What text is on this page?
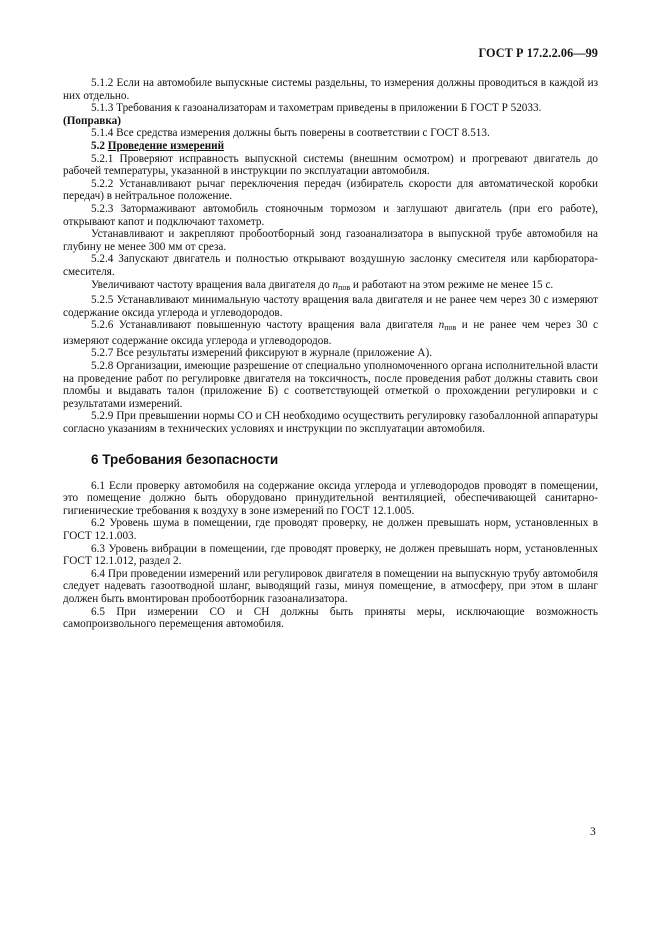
ГОСТ Р 17.2.2.06—99

5.1.2 Если на автомобиле выпускные системы раздельны, то измерения должны проводиться в каждой из них отдельно.

5.1.3 Требования к газоанализаторам и тахометрам приведены в приложении Б ГОСТ Р 52033.

(Поправка)

5.1.4 Все средства измерения должны быть поверены в соответствии с ГОСТ 8.513.

5.2 Проведение измерений

5.2.1 Проверяют исправность выпускной системы (внешним осмотром) и прогревают двигатель до рабочей температуры, указанной в инструкции по эксплуатации автомобиля.

5.2.2 Устанавливают рычаг переключения передач (избиратель скорости для автоматической коробки передач) в нейтральное положение.

5.2.3 Затормаживают автомобиль стояночным тормозом и заглушают двигатель (при его работе), открывают капот и подключают тахометр.

Устанавливают и закрепляют пробоотборный зонд газоанализатора в выпускной трубе автомобиля на глубину не менее 300 мм от среза.

5.2.4 Запускают двигатель и полностью открывают воздушную заслонку смесителя или карбюратора-смесителя.

Увеличивают частоту вращения вала двигателя до $n_{пов}$ и работают на этом режиме не менее 15 с.

5.2.5 Устанавливают минимальную частоту вращения вала двигателя и не ранее чем через 30 с измеряют содержание оксида углерода и углеводородов.

5.2.6 Устанавливают повышенную частоту вращения вала двигателя $n_{пов}$ и не ранее чем через 30 с измеряют содержание оксида углерода и углеводородов.

5.2.7 Все результаты измерений фиксируют в журнале (приложение А).

5.2.8 Организации, имеющие разрешение от специально уполномоченного органа исполнительной власти на проведение работ по регулировке двигателя на токсичность, после проведения работ должны ставить свои пломбы и выдавать талон (приложение Б) с соответствующей отметкой о прохождении регулировки и с результатами измерений.

5.2.9 При превышении нормы СО и СН необходимо осуществить регулировку газобаллонной аппаратуры согласно указаниям в технических условиях и инструкции по эксплуатации автомобиля.

6 Требования безопасности

6.1 Если проверку автомобиля на содержание оксида углерода и углеводородов проводят в помещении, это помещение должно быть оборудовано принудительной вентиляцией, обеспечивающей санитарно-гигиенические требования к воздуху в зоне измерений по ГОСТ 12.1.005.

6.2 Уровень шума в помещении, где проводят проверку, не должен превышать норм, установленных в ГОСТ 12.1.003.

6.3 Уровень вибрации в помещении, где проводят проверку, не должен превышать норм, установленных ГОСТ 12.1.012, раздел 2.

6.4 При проведении измерений или регулировок двигателя в помещении на выпускную трубу автомобиля следует надевать газоотводной шланг, выводящий газы, минуя помещение, в атмосферу, при этом в шланг должен быть вмонтирован пробоотборник газоанализатора.

6.5 При измерении СО и СН должны быть приняты меры, исключающие возможность самопроизвольного перемещения автомобиля.

3
